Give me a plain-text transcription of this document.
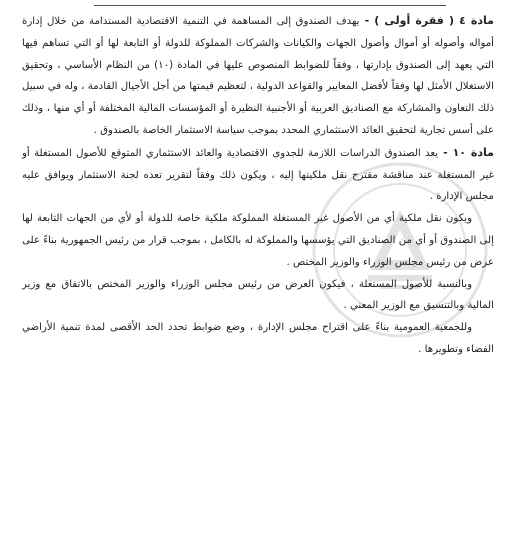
مادة ٤ ( فقرة أولى ) - يهدف الصندوق إلى المساهمة في التنمية الاقتصادية المستدامة من خلال إدارة أمواله وأصوله أو أموال وأصول الجهات والكيانات والشركات المملوكة للدولة أو التابعة لها أو التي تساهم فيها التي يعهد إلى الصندوق بإدارتها ، وفقاً للضوابط المنصوص عليها في المادة (١٠) من النظام الأساسي ، وتحقيق الاستغلال الأمثل لها وفقاً لأفضل المعايير والقواعد الدولية ، لتعظيم قيمتها من أجل الأجيال القادمة ، وله في سبيل ذلك التعاون والمشاركة مع الصناديق العربية أو الأجنبية النظيرة أو المؤسسات المالية المختلفة أو أي منها ، وذلك على أسس تجارية لتحقيق العائد الاستثماري المحدد بموجب سياسة الاستثمار الخاصة بالصندوق .

مادة ١٠ - يعد الصندوق الدراسات اللازمة للجدوى الاقتصادية والعائد الاستثماري المتوقع للأصول المستغلة أو غير المستغلة عند مناقشة مقترح نقل ملكيتها إليه ، ويكون ذلك وفقاً لتقرير تعده لجنة الاستثمار ويوافق عليه مجلس الإدارة .

ويكون نقل ملكية أي من الأصول غير المستغلة المملوكة ملكية خاصة للدولة أو لأي من الجهات التابعة لها إلى الصندوق أو أي من الصناديق التي يؤسسها والمملوكة له بالكامل ، بموجب قرار من رئيس الجمهورية بناءً على عرض من رئيس مجلس الوزراء والوزير المختص .

وبالنسبة للأصول المستغلة ، فيكون العرض من رئيس مجلس الوزراء والوزير المختص بالاتفاق مع وزير المالية وبالتنسيق مع الوزير المعني .

وللجمعية العمومية بناءً على اقتراح مجلس الإدارة ، وضع ضوابط تحدد الحد الأقصى لمدة تنمية الأراضي الفضاء وتطويرها .
